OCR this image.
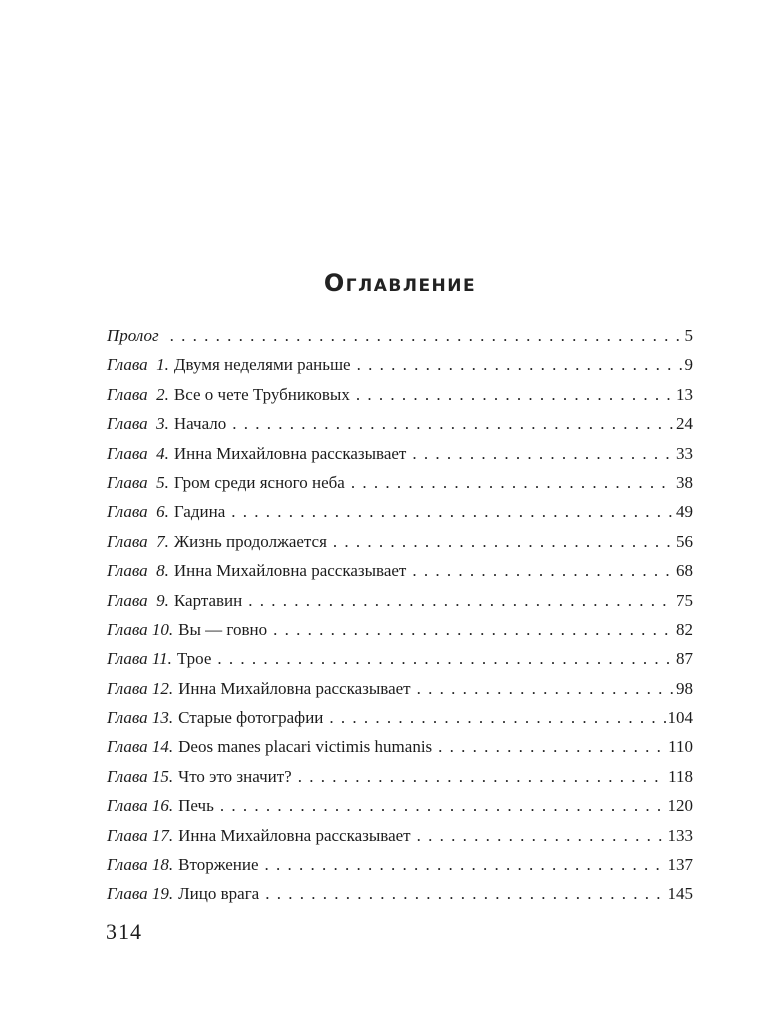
Оглавление
Пролог . . .	5
Глава  1. Двумя неделями раньше . . .	9
Глава  2. Все о чете Трубниковых . . .	13
Глава  3. Начало . . .	24
Глава  4. Инна Михайловна рассказывает . . .	33
Глава  5. Гром среди ясного неба . . .	38
Глава  6. Гадина . . .	49
Глава  7. Жизнь продолжается . . .	56
Глава  8. Инна Михайловна рассказывает . . .	68
Глава  9. Картавин . . .	75
Глава 10. Вы — говно . . .	82
Глава 11. Трое . . .	87
Глава 12. Инна Михайловна рассказывает . . .	98
Глава 13. Старые фотографии . . .	104
Глава 14. Deos manes placari victimis humanis . . .	110
Глава 15. Что это значит? . . .	118
Глава 16. Печь . . .	120
Глава 17. Инна Михайловна рассказывает . . .	133
Глава 18. Вторжение . . .	137
Глава 19. Лицо врага . . .	145
314
